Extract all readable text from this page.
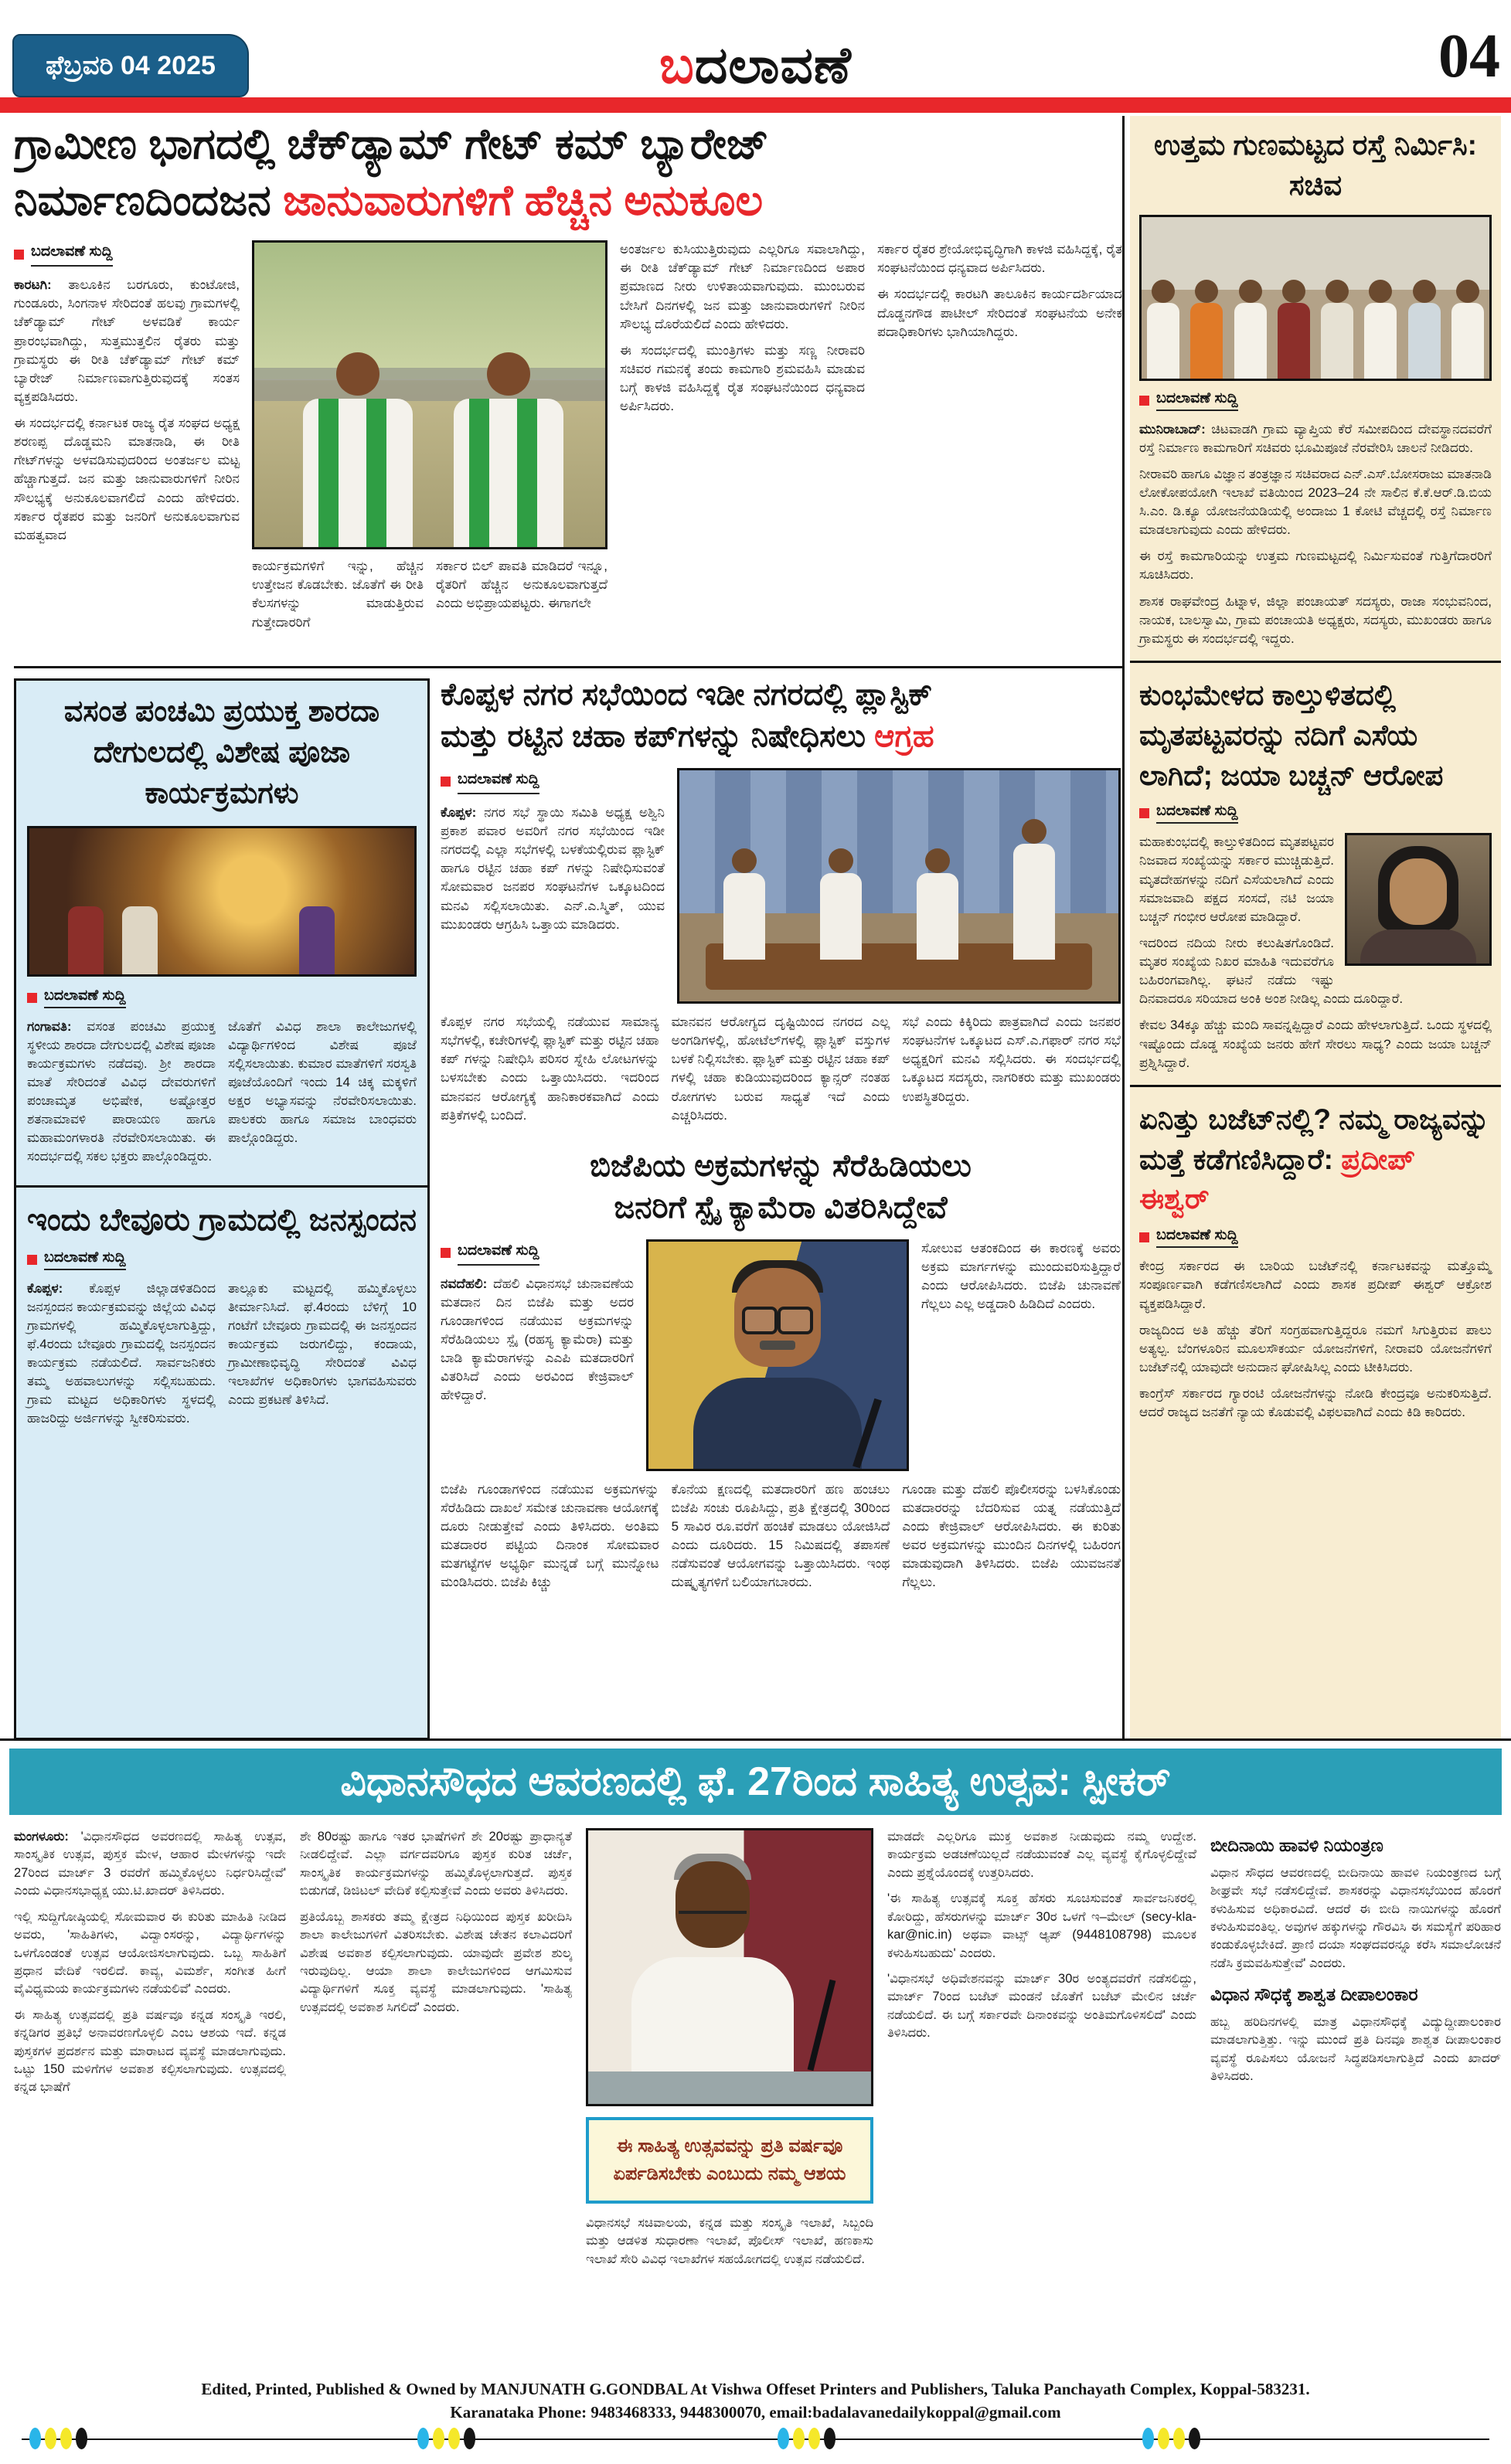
ಫೆಬ್ರವರಿ 04 2025	ಬದಲಾವಣೆ	04
ಗ್ರಾಮೀಣ ಭಾಗದಲ್ಲಿ ಚೆಕ್‌ಡ್ಯಾಮ್ ಗೇಟ್ ಕಮ್ ಬ್ಯಾರೇಜ್
ನಿರ್ಮಾಣದಿಂದಜನ ಜಾನುವಾರುಗಳಿಗೆ ಹೆಚ್ಚಿನ ಅನುಕೂಲ
ಬದಲಾವಣೆ ಸುದ್ದಿ

ಕಾರಟಗಿ: ತಾಲೂಕಿನ ಬರಗೂರು, ಕುಂಟೋಜಿ, ಗುಂಡೂರು, ಸಿಂಗನಾಳ ಸೇರಿದಂತೆ ಹಲವು ಗ್ರಾಮಗಳಲ್ಲಿ ಚೆಕ್‌ಡ್ಯಾಮ್ ಗೇಟ್ ಅಳವಡಿಕೆ ಕಾರ್ಯ ಪ್ರಾರಂಭವಾಗಿದ್ದು, ಸುತ್ತಮುತ್ತಲಿನ ರೈತರು ಮತ್ತು ಗ್ರಾಮಸ್ಥರು ಈ ರೀತಿ ಚೆಕ್‌ಡ್ಯಾಮ್ ಗೇಟ್ ಕಮ್ ಬ್ಯಾರೇಜ್ ನಿರ್ಮಾಣವಾಗುತ್ತಿರುವುದಕ್ಕೆ ಸಂತಸ ವ್ಯಕ್ತಪಡಿಸಿದರು.

ಈ ಸಂದರ್ಭದಲ್ಲಿ ಕರ್ನಾಟಕ ರಾಜ್ಯ ರೈತ ಸಂಘದ ಅಧ್ಯಕ್ಷ ಶರಣಪ್ಪ ದೊಡ್ಡಮನಿ ಮಾತನಾಡಿ, ಈ ರೀತಿ ಗೇಟ್‌ಗಳನ್ನು ಅಳವಡಿಸುವುದರಿಂದ ಅಂತರ್ಜಲ ಮಟ್ಟ ಹೆಚ್ಚಾಗುತ್ತದೆ. ಜನ ಮತ್ತು ಜಾನುವಾರುಗಳಿಗೆ ನೀರಿನ ಸೌಲಭ್ಯಕ್ಕೆ ಅನುಕೂಲವಾಗಲಿದೆ ಎಂದು ಹೇಳಿದರು. ಸರ್ಕಾರ ರೈತಪರ ಮತ್ತು ಜನರಿಗೆ ಅನುಕೂಲವಾಗುವ ಮಹತ್ವವಾದ

ಕಾರ್ಯಕ್ರಮಗಳಿಗೆ ಇನ್ನು, ಹೆಚ್ಚಿನ ಉತ್ತೇಜನ ಕೊಡಬೇಕು. ಜೊತೆಗೆ ಈ ರೀತಿ ಕೆಲಸಗಳನ್ನು ಮಾಡುತ್ತಿರುವ ಗುತ್ತೇದಾರರಿಗೆ
ಸರ್ಕಾರ ಬಿಲ್ ಪಾವತಿ ಮಾಡಿದರೆ ಇನ್ನೂ, ರೈತರಿಗೆ ಹೆಚ್ಚಿನ ಅನುಕೂಲವಾಗುತ್ತದೆ ಎಂದು ಅಭಿಪ್ರಾಯಪಟ್ಟರು. ಈಗಾಗಲೇ

ಅಂತರ್ಜಲ ಕುಸಿಯುತ್ತಿರುವುದು ಎಲ್ಲರಿಗೂ ಸವಾಲಾಗಿದ್ದು, ಈ ರೀತಿ ಚೆಕ್‌ಡ್ಯಾಮ್ ಗೇಟ್ ನಿರ್ಮಾಣದಿಂದ ಅಪಾರ ಪ್ರಮಾಣದ ನೀರು ಉಳಿತಾಯವಾಗುವುದು. ಮುಂಬರುವ ಬೇಸಿಗೆ ದಿನಗಳಲ್ಲಿ ಜನ ಮತ್ತು ಜಾನುವಾರುಗಳಿಗೆ ನೀರಿನ ಸೌಲಭ್ಯ ದೊರೆಯಲಿದೆ ಎಂದು ಹೇಳಿದರು.

ಈ ಸಂದರ್ಭದಲ್ಲಿ ಮುಂತ್ರಿಗಳು ಮತ್ತು ಸಣ್ಣ ನೀರಾವರಿ ಸಚಿವರ ಗಮನಕ್ಕೆ ತಂದು ಕಾಮಗಾರಿ ಶ್ರಮವಹಿಸಿ ಮಾಡುವ ಬಗ್ಗೆ ಕಾಳಜಿ ವಹಿಸಿದ್ದಕ್ಕೆ ರೈತ ಸಂಘಟನೆಯಿಂದ ಧನ್ಯವಾದ ಅರ್ಪಿಸಿದರು.

ಸರ್ಕಾರ ರೈತರ ಶ್ರೇಯೋಭಿವೃದ್ಧಿಗಾಗಿ ಕಾಳಜಿ ವಹಿಸಿದ್ದಕ್ಕೆ, ರೈತ ಸಂಘಟನೆಯಿಂದ ಧನ್ಯವಾದ ಅರ್ಪಿಸಿದರು.

ಈ ಸಂದರ್ಭದಲ್ಲಿ ಕಾರಟಗಿ ತಾಲೂಕಿನ ಕಾರ್ಯದರ್ಶಿಯಾದ ದೊಡ್ಡನಗೌಡ ಪಾಟೀಲ್ ಸೇರಿದಂತೆ ಸಂಘಟನೆಯ ಅನೇಕ ಪದಾಧಿಕಾರಿಗಳು ಭಾಗಿಯಾಗಿದ್ದರು.

ವಸಂತ ಪಂಚಮಿ ಪ್ರಯುಕ್ತ ಶಾರದಾ ದೇಗುಲದಲ್ಲಿ ವಿಶೇಷ ಪೂಜಾ ಕಾರ್ಯಕ್ರಮಗಳು
ಬದಲಾವಣೆ ಸುದ್ದಿ

ಗಂಗಾವತಿ: ವಸಂತ ಪಂಚಮಿ ಪ್ರಯುಕ್ತ ಸ್ಥಳೀಯ ಶಾರದಾ ದೇಗುಲದಲ್ಲಿ ವಿಶೇಷ ಪೂಜಾ ಕಾರ್ಯಕ್ರಮಗಳು ನಡೆದವು. ಶ್ರೀ ಶಾರದಾ ಮಾತೆ ಸೇರಿದಂತೆ ವಿವಿಧ ದೇವರುಗಳಿಗೆ ಪಂಚಾಮೃತ ಅಭಿಷೇಕ, ಅಷ್ಟೋತ್ತರ ಶತನಾಮಾವಳಿ ಪಾರಾಯಣ ಹಾಗೂ ಮಹಾಮಂಗಳಾರತಿ ನೆರವೇರಿಸಲಾಯಿತು. ಈ ಸಂದರ್ಭದಲ್ಲಿ ಸಕಲ ಭಕ್ತರು ಪಾಲ್ಗೊಂಡಿದ್ದರು.

ಜೊತೆಗೆ ವಿವಿಧ ಶಾಲಾ ಕಾಲೇಜುಗಳಲ್ಲಿ ವಿದ್ಯಾರ್ಥಿಗಳಿಂದ ವಿಶೇಷ ಪೂಜೆ ಸಲ್ಲಿಸಲಾಯಿತು. ಕುಮಾರ ಮಾತೆಗಳಿಗೆ ಸರಸ್ವತಿ ಪೂಜೆಯೊಂದಿಗೆ ಇಂದು 14 ಚಿಕ್ಕ ಮಕ್ಕಳಿಗೆ ಅಕ್ಷರ ಅಭ್ಯಾಸವನ್ನು ನೆರವೇರಿಸಲಾಯಿತು. ಪಾಲಕರು ಹಾಗೂ ಸಮಾಜ ಬಾಂಧವರು ಪಾಲ್ಗೊಂಡಿದ್ದರು.

ಇಂದು ಬೇವೂರು ಗ್ರಾಮದಲ್ಲಿ ಜನಸ್ಪಂದನ
ಬದಲಾವಣೆ ಸುದ್ದಿ

ಕೊಪ್ಪಳ: ಕೊಪ್ಪಳ ಜಿಲ್ಲಾಡಳಿತದಿಂದ ಜನಸ್ಪಂದನ ಕಾರ್ಯಕ್ರಮವನ್ನು ಜಿಲ್ಲೆಯ ವಿವಿಧ ಗ್ರಾಮಗಳಲ್ಲಿ ಹಮ್ಮಿಕೊಳ್ಳಲಾಗುತ್ತಿದ್ದು, ಫೆ.4ರಂದು ಬೇವೂರು ಗ್ರಾಮದಲ್ಲಿ ಜನಸ್ಪಂದನ ಕಾರ್ಯಕ್ರಮ ನಡೆಯಲಿದೆ. ಸಾರ್ವಜನಿಕರು ತಮ್ಮ ಅಹವಾಲುಗಳನ್ನು ಸಲ್ಲಿಸಬಹುದು. ಗ್ರಾಮ ಮಟ್ಟದ ಅಧಿಕಾರಿಗಳು ಸ್ಥಳದಲ್ಲಿ ಹಾಜರಿದ್ದು ಅರ್ಜಿಗಳನ್ನು ಸ್ವೀಕರಿಸುವರು.

ತಾಲ್ಲೂಕು ಮಟ್ಟದಲ್ಲಿ ಹಮ್ಮಿಕೊಳ್ಳಲು ತೀರ್ಮಾನಿಸಿದೆ. ಫೆ.4ರಂದು ಬೆಳಿಗ್ಗೆ 10 ಗಂಟೆಗೆ ಬೇವೂರು ಗ್ರಾಮದಲ್ಲಿ ಈ ಜನಸ್ಪಂದನ ಕಾರ್ಯಕ್ರಮ ಜರುಗಲಿದ್ದು, ಕಂದಾಯ, ಗ್ರಾಮೀಣಾಭಿವೃದ್ಧಿ ಸೇರಿದಂತೆ ವಿವಿಧ ಇಲಾಖೆಗಳ ಅಧಿಕಾರಿಗಳು ಭಾಗವಹಿಸುವರು ಎಂದು ಪ್ರಕಟಣೆ ತಿಳಿಸಿದೆ.

ಕೊಪ್ಪಳ ನಗರ ಸಭೆಯಿಂದ ಇಡೀ ನಗರದಲ್ಲಿ ಪ್ಲಾಸ್ಟಿಕ್
ಮತ್ತು ರಟ್ಟಿನ ಚಹಾ ಕಪ್‌ಗಳನ್ನು ನಿಷೇಧಿಸಲು ಆಗ್ರಹ
ಬದಲಾವಣೆ ಸುದ್ದಿ

ಕೊಪ್ಪಳ: ನಗರ ಸಭೆ ಸ್ಥಾಯಿ ಸಮಿತಿ ಅಧ್ಯಕ್ಷ ಅಶ್ವಿನಿ ಪ್ರಕಾಶ ಪವಾರ ಅವರಿಗೆ ನಗರ ಸಭೆಯಿಂದ ಇಡೀ ನಗರದಲ್ಲಿ ಎಲ್ಲಾ ಸಭೆಗಳಲ್ಲಿ ಬಳಕೆಯಲ್ಲಿರುವ ಪ್ಲಾಸ್ಟಿಕ್ ಹಾಗೂ ರಟ್ಟಿನ ಚಹಾ ಕಪ್ ಗಳನ್ನು ನಿಷೇಧಿಸುವಂತೆ ಸೋಮವಾರ ಜನಪರ ಸಂಘಟನೆಗಳ ಒಕ್ಕೂಟದಿಂದ ಮನವಿ ಸಲ್ಲಿಸಲಾಯಿತು. ಎನ್.ಎ.ಸ್ಮಿತ್, ಯುವ ಮುಖಂಡರು ಆಗ್ರಹಿಸಿ ಒತ್ತಾಯ ಮಾಡಿದರು.

ಕೊಪ್ಪಳ ನಗರ ಸಭೆಯಲ್ಲಿ ನಡೆಯುವ ಸಾಮಾನ್ಯ ಸಭೆಗಳಲ್ಲಿ, ಕಚೇರಿಗಳಲ್ಲಿ ಪ್ಲಾಸ್ಟಿಕ್ ಮತ್ತು ರಟ್ಟಿನ ಚಹಾ ಕಪ್ ಗಳನ್ನು ನಿಷೇಧಿಸಿ ಪರಿಸರ ಸ್ನೇಹಿ ಲೋಟಗಳನ್ನು ಬಳಸಬೇಕು ಎಂದು ಒತ್ತಾಯಿಸಿದರು. ಇದರಿಂದ ಮಾನವನ ಆರೋಗ್ಯಕ್ಕೆ ಹಾನಿಕಾರಕವಾಗಿದೆ ಎಂದು ಪತ್ರಿಕೆಗಳಲ್ಲಿ ಬಂದಿದೆ.
ಮಾನವನ ಆರೋಗ್ಯದ ದೃಷ್ಟಿಯಿಂದ ನಗರದ ಎಲ್ಲ ಅಂಗಡಿಗಳಲ್ಲಿ, ಹೋಟೆಲ್‌ಗಳಲ್ಲಿ ಪ್ಲಾಸ್ಟಿಕ್ ವಸ್ತುಗಳ ಬಳಕೆ ನಿಲ್ಲಿಸಬೇಕು. ಪ್ಲಾಸ್ಟಿಕ್ ಮತ್ತು ರಟ್ಟಿನ ಚಹಾ ಕಪ್ ಗಳಲ್ಲಿ ಚಹಾ ಕುಡಿಯುವುದರಿಂದ ಕ್ಯಾನ್ಸರ್ ನಂತಹ ರೋಗಗಳು ಬರುವ ಸಾಧ್ಯತೆ ಇದೆ ಎಂದು ಎಚ್ಚರಿಸಿದರು.
ಸಭೆ ಎಂದು ಕಿಕ್ಕಿರಿದು ಪಾತ್ರವಾಗಿದೆ ಎಂದು ಜನಪರ ಸಂಘಟನೆಗಳ ಒಕ್ಕೂಟದ ಎಸ್.ಎ.ಗಫಾರ್ ನಗರ ಸಭೆ ಅಧ್ಯಕ್ಷರಿಗೆ ಮನವಿ ಸಲ್ಲಿಸಿದರು. ಈ ಸಂದರ್ಭದಲ್ಲಿ ಒಕ್ಕೂಟದ ಸದಸ್ಯರು, ನಾಗರಿಕರು ಮತ್ತು ಮುಖಂಡರು ಉಪಸ್ಥಿತರಿದ್ದರು.
ಬಿಜೆಪಿಯ ಅಕ್ರಮಗಳನ್ನು ಸೆರೆಹಿಡಿಯಲು
ಜನರಿಗೆ ಸ್ಪೈ ಕ್ಯಾಮೆರಾ ವಿತರಿಸಿದ್ದೇವೆ
ಬದಲಾವಣೆ ಸುದ್ದಿ

ನವದೆಹಲಿ: ದೆಹಲಿ ವಿಧಾನಸಭೆ ಚುನಾವಣೆಯ ಮತದಾನ ದಿನ ಬಿಜೆಪಿ ಮತ್ತು ಅದರ ಗೂಂಡಾಗಳಿಂದ ನಡೆಯುವ ಅಕ್ರಮಗಳನ್ನು ಸೆರೆಹಿಡಿಯಲು ಸ್ಪೈ (ರಹಸ್ಯ ಕ್ಯಾಮೆರಾ) ಮತ್ತು ಬಾಡಿ ಕ್ಯಾಮೆರಾಗಳನ್ನು ಎಎಪಿ ಮತದಾರರಿಗೆ ವಿತರಿಸಿದೆ ಎಂದು ಅರವಿಂದ ಕೇಜ್ರಿವಾಲ್ ಹೇಳಿದ್ದಾರೆ.

ಸೋಲುವ ಆತಂಕದಿಂದ ಈ ಕಾರಣಕ್ಕೆ ಅವರು ಅಕ್ರಮ ಮಾರ್ಗಗಳನ್ನು ಮುಂದುವರಿಸುತ್ತಿದ್ದಾರೆ ಎಂದು ಆರೋಪಿಸಿದರು. ಬಿಜೆಪಿ ಚುನಾವಣೆ ಗೆಲ್ಲಲು ಎಲ್ಲ ಅಡ್ಡದಾರಿ ಹಿಡಿದಿದೆ ಎಂದರು.

ಬಿಜೆಪಿ ಗೂಂಡಾಗಳಿಂದ ನಡೆಯುವ ಅಕ್ರಮಗಳನ್ನು ಸೆರೆಹಿಡಿದು ದಾಖಲೆ ಸಮೇತ ಚುನಾವಣಾ ಆಯೋಗಕ್ಕೆ ದೂರು ನೀಡುತ್ತೇವೆ ಎಂದು ತಿಳಿಸಿದರು. ಅಂತಿಮ ಮತದಾರರ ಪಟ್ಟಿಯ ದಿನಾಂಕ ಸೋಮವಾರ ಮತಗಟ್ಟೆಗಳ ಅಭ್ಯರ್ಥಿ ಮುನ್ನಡೆ ಬಗ್ಗೆ ಮುನ್ನೋಟ ಮಂಡಿಸಿದರು. ಬಿಜೆಪಿ ಕಿಚ್ಚು
ಕೊನೆಯ ಕ್ಷಣದಲ್ಲಿ ಮತದಾರರಿಗೆ ಹಣ ಹಂಚಲು ಬಿಜೆಪಿ ಸಂಚು ರೂಪಿಸಿದ್ದು, ಪ್ರತಿ ಕ್ಷೇತ್ರದಲ್ಲಿ 30ರಿಂದ 5 ಸಾವಿರ ರೂ.ವರೆಗೆ ಹಂಚಿಕೆ ಮಾಡಲು ಯೋಜಿಸಿದೆ ಎಂದು ದೂರಿದರು. 15 ನಿಮಿಷದಲ್ಲಿ ತಪಾಸಣೆ ನಡೆಸುವಂತೆ ಆಯೋಗವನ್ನು ಒತ್ತಾಯಿಸಿದರು. ಇಂಥ ದುಷ್ಕೃತ್ಯಗಳಿಗೆ ಬಲಿಯಾಗಬಾರದು.
ಗೂಂಡಾ ಮತ್ತು ದೆಹಲಿ ಪೊಲೀಸರನ್ನು ಬಳಸಿಕೊಂಡು ಮತದಾರರನ್ನು ಬೆದರಿಸುವ ಯತ್ನ ನಡೆಯುತ್ತಿದೆ ಎಂದು ಕೇಜ್ರಿವಾಲ್ ಆರೋಪಿಸಿದರು. ಈ ಕುರಿತು ಅವರ ಅಕ್ರಮಗಳನ್ನು ಮುಂದಿನ ದಿನಗಳಲ್ಲಿ ಬಹಿರಂಗ ಮಾಡುವುದಾಗಿ ತಿಳಿಸಿದರು. ಬಿಜೆಪಿ ಯುವಜನತೆ ಗೆಲ್ಲಲು.
ಉತ್ತಮ ಗುಣಮಟ್ಟದ ರಸ್ತೆ ನಿರ್ಮಿಸಿ: ಸಚಿವ
ಬದಲಾವಣೆ ಸುದ್ದಿ

ಮುನಿರಾಬಾದ್: ಚಿಟವಾಡಗಿ ಗ್ರಾಮ ವ್ಯಾಪ್ತಿಯ ಕೆರೆ ಸಮೀಪದಿಂದ ದೇವಸ್ಥಾನದವರೆಗೆ ರಸ್ತೆ ನಿರ್ಮಾಣ ಕಾಮಗಾರಿಗೆ ಸಚಿವರು ಭೂಮಿಪೂಜೆ ನೆರವೇರಿಸಿ ಚಾಲನೆ ನೀಡಿದರು.

ನೀರಾವರಿ ಹಾಗೂ ವಿಜ್ಞಾನ ತಂತ್ರಜ್ಞಾನ ಸಚಿವರಾದ ಎನ್.ಎಸ್.ಬೋಸರಾಜು ಮಾತನಾಡಿ ಲೋಕೋಪಯೋಗಿ ಇಲಾಖೆ ವತಿಯಿಂದ 2023–24 ನೇ ಸಾಲಿನ ಕೆ.ಕೆ.ಆರ್.ಡಿ.ಬಿಯ ಸಿ.ಎಂ. ಡಿ.ಕ್ಯೂ ಯೋಜನೆಯಡಿಯಲ್ಲಿ ಅಂದಾಜು 1 ಕೋಟಿ ವೆಚ್ಚದಲ್ಲಿ ರಸ್ತೆ ನಿರ್ಮಾಣ ಮಾಡಲಾಗುವುದು ಎಂದು ಹೇಳಿದರು.

ಈ ರಸ್ತೆ ಕಾಮಗಾರಿಯನ್ನು ಉತ್ತಮ ಗುಣಮಟ್ಟದಲ್ಲಿ ನಿರ್ಮಿಸುವಂತೆ ಗುತ್ತಿಗೆದಾರರಿಗೆ ಸೂಚಿಸಿದರು.

ಶಾಸಕ ರಾಘವೇಂದ್ರ ಹಿಟ್ನಾಳ, ಜಿಲ್ಲಾ ಪಂಚಾಯತ್ ಸದಸ್ಯರು, ರಾಜಾ ಸಂಭುವನಿಂದ, ನಾಯಕ, ಬಾಲಸ್ವಾಮಿ, ಗ್ರಾಮ ಪಂಚಾಯತಿ ಅಧ್ಯಕ್ಷರು, ಸದಸ್ಯರು, ಮುಖಂಡರು ಹಾಗೂ ಗ್ರಾಮಸ್ಥರು ಈ ಸಂದರ್ಭದಲ್ಲಿ ಇದ್ದರು.

ಕುಂಭಮೇಳದ ಕಾಲ್ತುಳಿತದಲ್ಲಿ ಮೃತಪಟ್ಟವರನ್ನು ನದಿಗೆ ಎಸೆಯ ಲಾಗಿದೆ; ಜಯಾ ಬಚ್ಚನ್ ಆರೋಪ
ಬದಲಾವಣೆ ಸುದ್ದಿ

ಮಹಾಕುಂಭದಲ್ಲಿ ಕಾಲ್ತುಳಿತದಿಂದ ಮೃತಪಟ್ಟವರ ನಿಜವಾದ ಸಂಖ್ಯೆಯನ್ನು ಸರ್ಕಾರ ಮುಚ್ಚಿಡುತ್ತಿದೆ. ಮೃತದೇಹಗಳನ್ನು ನದಿಗೆ ಎಸೆಯಲಾಗಿದೆ ಎಂದು ಸಮಾಜವಾದಿ ಪಕ್ಷದ ಸಂಸದೆ, ನಟಿ ಜಯಾ ಬಚ್ಚನ್ ಗಂಭೀರ ಆರೋಪ ಮಾಡಿದ್ದಾರೆ.

ಇದರಿಂದ ನದಿಯ ನೀರು ಕಲುಷಿತಗೊಂಡಿದೆ. ಮೃತರ ಸಂಖ್ಯೆಯ ನಿಖರ ಮಾಹಿತಿ ಇದುವರೆಗೂ ಬಹಿರಂಗವಾಗಿಲ್ಲ. ಘಟನೆ ನಡೆದು ಇಷ್ಟು ದಿನವಾದರೂ ಸರಿಯಾದ ಅಂಕಿ ಅಂಶ ನೀಡಿಲ್ಲ ಎಂದು ದೂರಿದ್ದಾರೆ.

ಕೇವಲ 34ಕ್ಕೂ ಹೆಚ್ಚು ಮಂದಿ ಸಾವನ್ನಪ್ಪಿದ್ದಾರೆ ಎಂದು ಹೇಳಲಾಗುತ್ತಿದೆ. ಒಂದು ಸ್ಥಳದಲ್ಲಿ ಇಷ್ಟೊಂದು ದೊಡ್ಡ ಸಂಖ್ಯೆಯ ಜನರು ಹೇಗೆ ಸೇರಲು ಸಾಧ್ಯ? ಎಂದು ಜಯಾ ಬಚ್ಚನ್ ಪ್ರಶ್ನಿಸಿದ್ದಾರೆ.

ಏನಿತ್ತು ಬಜೆಟ್‌ನಲ್ಲಿ? ನಮ್ಮ ರಾಜ್ಯವನ್ನು ಮತ್ತೆ ಕಡೆಗಣಿಸಿದ್ದಾರೆ: ಪ್ರದೀಪ್ ಈಶ್ವರ್
ಬದಲಾವಣೆ ಸುದ್ದಿ

ಕೇಂದ್ರ ಸರ್ಕಾರದ ಈ ಬಾರಿಯ ಬಜೆಟ್‌ನಲ್ಲಿ ಕರ್ನಾಟಕವನ್ನು ಮತ್ತೊಮ್ಮೆ ಸಂಪೂರ್ಣವಾಗಿ ಕಡೆಗಣಿಸಲಾಗಿದೆ ಎಂದು ಶಾಸಕ ಪ್ರದೀಪ್ ಈಶ್ವರ್ ಆಕ್ರೋಶ ವ್ಯಕ್ತಪಡಿಸಿದ್ದಾರೆ.

ರಾಜ್ಯದಿಂದ ಅತಿ ಹೆಚ್ಚು ತೆರಿಗೆ ಸಂಗ್ರಹವಾಗುತ್ತಿದ್ದರೂ ನಮಗೆ ಸಿಗುತ್ತಿರುವ ಪಾಲು ಅತ್ಯಲ್ಪ. ಬೆಂಗಳೂರಿನ ಮೂಲಸೌಕರ್ಯ ಯೋಜನೆಗಳಿಗೆ, ನೀರಾವರಿ ಯೋಜನೆಗಳಿಗೆ ಬಜೆಟ್‌ನಲ್ಲಿ ಯಾವುದೇ ಅನುದಾನ ಘೋಷಿಸಿಲ್ಲ ಎಂದು ಟೀಕಿಸಿದರು.

ಕಾಂಗ್ರೆಸ್ ಸರ್ಕಾರದ ಗ್ಯಾರಂಟಿ ಯೋಜನೆಗಳನ್ನು ನೋಡಿ ಕೇಂದ್ರವೂ ಅನುಕರಿಸುತ್ತಿದೆ. ಆದರೆ ರಾಜ್ಯದ ಜನತೆಗೆ ನ್ಯಾಯ ಕೊಡುವಲ್ಲಿ ವಿಫಲವಾಗಿದೆ ಎಂದು ಕಿಡಿ ಕಾರಿದರು.

ವಿಧಾನಸೌಧದ ಆವರಣದಲ್ಲಿ ಫೆ. 27ರಿಂದ ಸಾಹಿತ್ಯ ಉತ್ಸವ: ಸ್ಪೀಕರ್

ಮಂಗಳೂರು: 'ವಿಧಾನಸೌಧದ ಅವರಣದಲ್ಲಿ ಸಾಹಿತ್ಯ ಉತ್ಸವ, ಸಾಂಸ್ಕೃತಿಕ ಉತ್ಸವ, ಪುಸ್ತಕ ಮೇಳ, ಆಹಾರ ಮೇಳಗಳನ್ನು ಇದೇ 27ರಿಂದ ಮಾರ್ಚ್ 3 ರವರೆಗೆ ಹಮ್ಮಿಕೊಳ್ಳಲು ನಿರ್ಧರಿಸಿದ್ದೇವೆ' ಎಂದು ವಿಧಾನಸಭಾಧ್ಯಕ್ಷ ಯು.ಟಿ.ಖಾದರ್ ತಿಳಿಸಿದರು.

ಇಲ್ಲಿ ಸುದ್ದಿಗೋಷ್ಠಿಯಲ್ಲಿ ಸೋಮವಾರ ಈ ಕುರಿತು ಮಾಹಿತಿ ನೀಡಿದ ಅವರು, 'ಸಾಹಿತಿಗಳು, ವಿದ್ವಾಂಸರನ್ನು, ವಿದ್ಯಾರ್ಥಿಗಳನ್ನು ಒಳಗೊಂಡಂತೆ ಉತ್ಸವ ಆಯೋಜಿಸಲಾಗುವುದು. ಒಬ್ಬ ಸಾಹಿತಿಗೆ ಪ್ರಧಾನ ವೇದಿಕೆ ಇರಲಿದೆ. ಕಾವ್ಯ, ವಿಮರ್ಶೆ, ಸಂಗೀತ ಹೀಗೆ ವೈವಿಧ್ಯಮಯ ಕಾರ್ಯಕ್ರಮಗಳು ನಡೆಯಲಿವೆ' ಎಂದರು.

ಈ ಸಾಹಿತ್ಯ ಉತ್ಸವದಲ್ಲಿ ಪ್ರತಿ ವರ್ಷವೂ ಕನ್ನಡ ಸಂಸ್ಕೃತಿ ಇರಲಿ, ಕನ್ನಡಿಗರ ಪ್ರತಿಭೆ ಅನಾವರಣಗೊಳ್ಳಲಿ ಎಂಬ ಆಶಯ ಇದೆ. ಕನ್ನಡ ಪುಸ್ತಕಗಳ ಪ್ರದರ್ಶನ ಮತ್ತು ಮಾರಾಟದ ವ್ಯವಸ್ಥೆ ಮಾಡಲಾಗುವುದು. ಒಟ್ಟು 150 ಮಳಿಗೆಗಳ ಅವಕಾಶ ಕಲ್ಪಿಸಲಾಗುವುದು. ಉತ್ಸವದಲ್ಲಿ ಕನ್ನಡ ಭಾಷೆಗೆ

ಶೇ 80ರಷ್ಟು ಹಾಗೂ ಇತರ ಭಾಷೆಗಳಿಗೆ ಶೇ 20ರಷ್ಟು ಪ್ರಾಧಾನ್ಯತೆ ನೀಡಲಿದ್ದೇವೆ. ಎಲ್ಲಾ ವರ್ಗದವರಿಗೂ ಪುಸ್ತಕ ಕುರಿತ ಚರ್ಚೆ, ಸಾಂಸ್ಕೃತಿಕ ಕಾರ್ಯಕ್ರಮಗಳನ್ನು ಹಮ್ಮಿಕೊಳ್ಳಲಾಗುತ್ತದೆ. ಪುಸ್ತಕ ಬಿಡುಗಡೆ, ಡಿಜಿಟಲ್ ವೇದಿಕೆ ಕಲ್ಪಿಸುತ್ತೇವೆ ಎಂದು ಅವರು ತಿಳಿಸಿದರು.

ಪ್ರತಿಯೊಬ್ಬ ಶಾಸಕರು ತಮ್ಮ ಕ್ಷೇತ್ರದ ನಿಧಿಯಿಂದ ಪುಸ್ತಕ ಖರೀದಿಸಿ ಶಾಲಾ ಕಾಲೇಜುಗಳಿಗೆ ವಿತರಿಸಬೇಕು. ವಿಶೇಷ ಚೇತನ ಕಲಾವಿದರಿಗೆ ವಿಶೇಷ ಅವಕಾಶ ಕಲ್ಪಿಸಲಾಗುವುದು. ಯಾವುದೇ ಪ್ರವೇಶ ಶುಲ್ಕ ಇರುವುದಿಲ್ಲ. ಆಯಾ ಶಾಲಾ ಕಾಲೇಜುಗಳಿಂದ ಆಗಮಿಸುವ ವಿದ್ಯಾರ್ಥಿಗಳಿಗೆ ಸೂಕ್ತ ವ್ಯವಸ್ಥೆ ಮಾಡಲಾಗುವುದು. 'ಸಾಹಿತ್ಯ ಉತ್ಸವದಲ್ಲಿ ಅವಕಾಶ ಸಿಗಲಿದೆ' ಎಂದರು.

ಈ ಸಾಹಿತ್ಯ ಉತ್ಸವವನ್ನು ಪ್ರತಿ ವರ್ಷವೂ ಏರ್ಪಡಿಸಬೇಕು ಎಂಬುದು ನಮ್ಮ ಆಶಯ
ವಿಧಾನಸಭೆ ಸಚಿವಾಲಯ, ಕನ್ನಡ ಮತ್ತು ಸಂಸ್ಕೃತಿ ಇಲಾಖೆ, ಸಿಬ್ಬಂದಿ ಮತ್ತು ಆಡಳಿತ ಸುಧಾರಣಾ ಇಲಾಖೆ, ಪೊಲೀಸ್ ಇಲಾಖೆ, ಹಣಕಾಸು ಇಲಾಖೆ ಸೇರಿ ವಿವಿಧ ಇಲಾಖೆಗಳ ಸಹಯೋಗದಲ್ಲಿ ಉತ್ಸವ ನಡೆಯಲಿದೆ.

ಮಾಡದೇ ಎಲ್ಲರಿಗೂ ಮುಕ್ತ ಅವಕಾಶ ನೀಡುವುದು ನಮ್ಮ ಉದ್ದೇಶ. ಕಾರ್ಯಕ್ರಮ ಅಡಚಣೆಯಿಲ್ಲದೆ ನಡೆಯುವಂತೆ ಎಲ್ಲ ವ್ಯವಸ್ಥೆ ಕೈಗೊಳ್ಳಲಿದ್ದೇವೆ ಎಂದು ಪ್ರಶ್ನೆಯೊಂದಕ್ಕೆ ಉತ್ತರಿಸಿದರು.

'ಈ ಸಾಹಿತ್ಯ ಉತ್ಸವಕ್ಕೆ ಸೂಕ್ತ ಹೆಸರು ಸೂಚಿಸುವಂತೆ ಸಾರ್ವಜನಿಕರಲ್ಲಿ ಕೋರಿದ್ದು, ಹೆಸರುಗಳನ್ನು ಮಾರ್ಚ್ 30ರ ಒಳಗೆ ಇ–ಮೇಲ್ (secy-kla-kar@nic.in) ಅಥವಾ ವಾಟ್ಸ್ ಆ್ಯಪ್ (9448108798) ಮೂಲಕ ಕಳುಹಿಸಬಹುದು' ಎಂದರು.

'ವಿಧಾನಸಭೆ ಅಧಿವೇಶನವನ್ನು ಮಾರ್ಚ್ 30ರ ಅಂತ್ಯದವರೆಗೆ ನಡೆಸಲಿದ್ದು, ಮಾರ್ಚ್ 7ರಿಂದ ಬಜೆಟ್ ಮಂಡನೆ ಜೊತೆಗೆ ಬಜೆಟ್ ಮೇಲಿನ ಚರ್ಚೆ ನಡೆಯಲಿದೆ. ಈ ಬಗ್ಗೆ ಸರ್ಕಾರವೇ ದಿನಾಂಕವನ್ನು ಅಂತಿಮಗೊಳಿಸಲಿದೆ' ಎಂದು ತಿಳಿಸಿದರು.

ಬೀದಿನಾಯಿ ಹಾವಳಿ ನಿಯಂತ್ರಣ

ವಿಧಾನ ಸೌಧದ ಆವರಣದಲ್ಲಿ ಬೀದಿನಾಯಿ ಹಾವಳಿ ನಿಯಂತ್ರಣದ ಬಗ್ಗೆ ಶೀಘ್ರವೇ ಸಭೆ ನಡೆಸಲಿದ್ದೇವೆ. ಶಾಸಕರನ್ನು ವಿಧಾನಸಭೆಯಿಂದ ಹೊರಗೆ ಕಳುಹಿಸುವ ಅಧಿಕಾರವಿದೆ. ಆದರೆ ಈ ಬೀದಿ ನಾಯಿಗಳನ್ನು ಹೊರಗೆ ಕಳುಹಿಸುವಂತಿಲ್ಲ. ಅವುಗಳ ಹಕ್ಕುಗಳನ್ನು ಗೌರವಿಸಿ ಈ ಸಮಸ್ಯೆಗೆ ಪರಿಹಾರ ಕಂಡುಕೊಳ್ಳಬೇಕಿದೆ. ಪ್ರಾಣಿ ದಯಾ ಸಂಘದವರನ್ನೂ ಕರೆಸಿ ಸಮಾಲೋಚನೆ ನಡೆಸಿ ಕ್ರಮವಹಿಸುತ್ತೇವೆ' ಎಂದರು.

ವಿಧಾನ ಸೌಧಕ್ಕೆ ಶಾಶ್ವತ ದೀಪಾಲಂಕಾರ

ಹಬ್ಬ ಹರಿದಿನಗಳಲ್ಲಿ ಮಾತ್ರ ವಿಧಾನಸೌಧಕ್ಕೆ ವಿದ್ಯುದ್ದೀಪಾಲಂಕಾರ ಮಾಡಲಾಗುತ್ತಿತ್ತು. ಇನ್ನು ಮುಂದೆ ಪ್ರತಿ ದಿನವೂ ಶಾಶ್ವತ ದೀಪಾಲಂಕಾರ ವ್ಯವಸ್ಥೆ ರೂಪಿಸಲು ಯೋಜನೆ ಸಿದ್ಧಪಡಿಸಲಾಗುತ್ತಿದೆ ಎಂದು ಖಾದರ್ ತಿಳಿಸಿದರು.

Edited, Printed, Published & Owned by MANJUNATH G.GONDBAL At Vishwa Offeset Printers and Publishers, Taluka Panchayath Complex, Koppal-583231.
Karanataka Phone: 9483468333, 9448300070, email:badalavanedailykoppal@gmail.com
